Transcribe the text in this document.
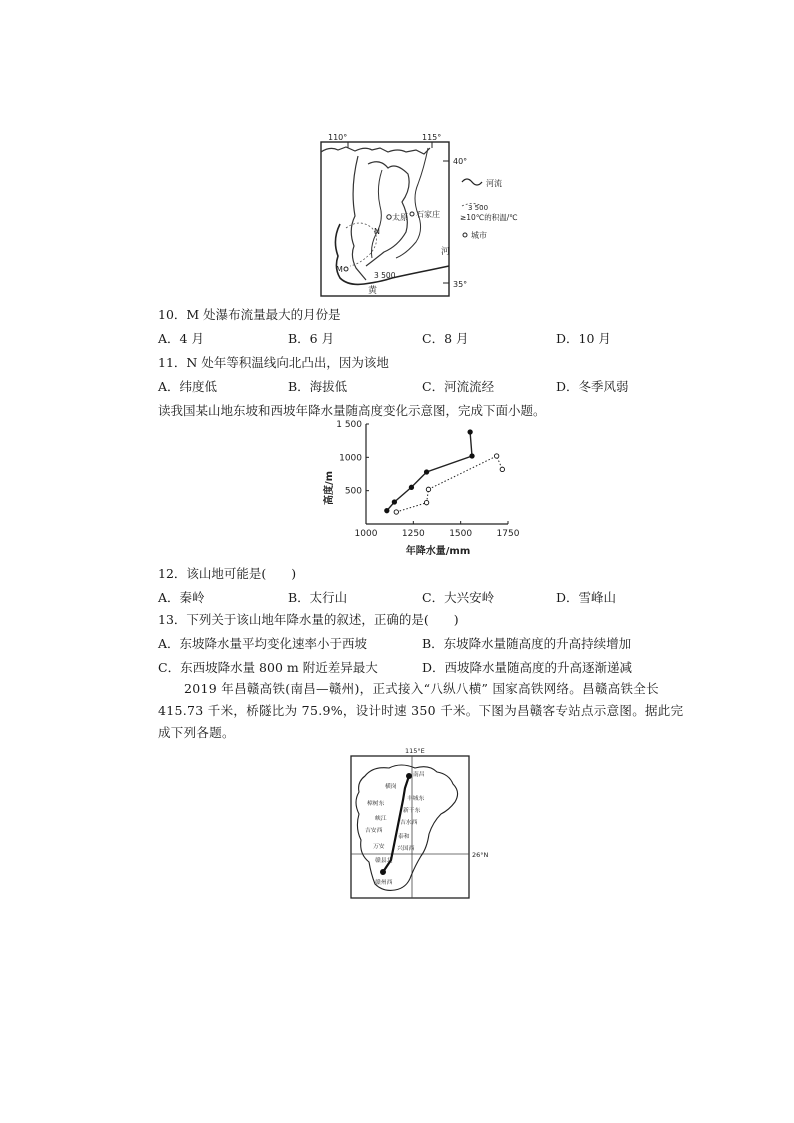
110°	115°
40°
35°
太原 石家庄
M
N
3 500
河
黄
河流
3 500
≥10℃的积温/℃
城市
10．M 处瀑布流量最大的月份是
A．4 月	B．6 月	C．8 月	D．10 月
11．N 处年等积温线向北凸出，因为该地
A．纬度低	B．海拔低	C．河流流经	D．冬季风弱
读我国某山地东坡和西坡年降水量随高度变化示意图，完成下面小题。
高度/m
年降水量/mm
1000	1250	1500	1750
500
1000
1 500
12．该山地可能是(　　)
A．秦岭	B．太行山	C．大兴安岭	D．雪峰山
13．下列关于该山地年降水量的叙述，正确的是(　　)
A．东坡降水量平均变化速率小于西坡	B．东坡降水量随高度的升高持续增加
C．东西坡降水量 800 m 附近差异最大	D．西坡降水量随高度的升高逐渐递减
2019 年昌赣高铁(南昌—赣州)，正式接入“八纵八横” 国家高铁网络。昌赣高铁全长
415.73 千米，桥隧比为 75.9%，设计时速 350 千米。下图为昌赣客专站点示意图。据此完
成下列各题。
115°E
26°N
南昌
横岗
丰城东
樟树东
新干东
峡江
吉水西
吉安西
泰和
万安 兴国西
赣县北
赣州西
